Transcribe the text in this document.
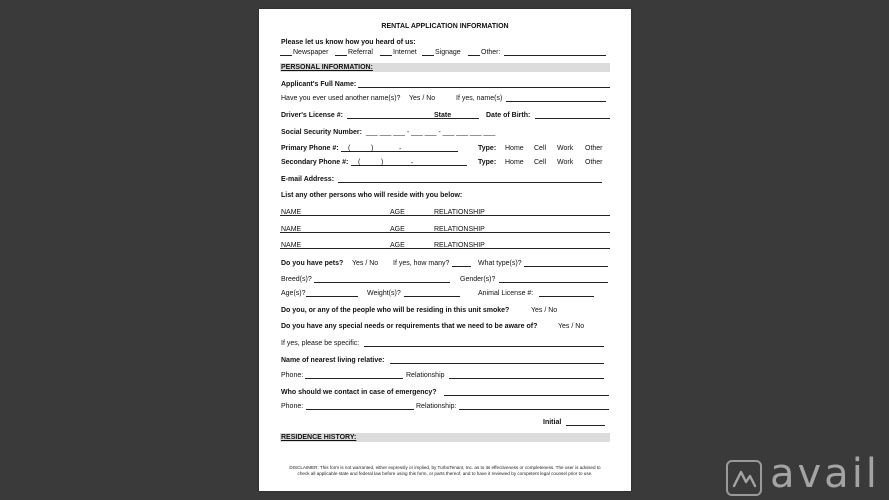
RENTAL APPLICATION INFORMATION
Please let us know how you heard of us:
Newspaper	Referral	Internet	Signage	Other:
PERSONAL INFORMATION:
Applicant's Full Name:
Have you ever used another name(s)? Yes / No	If yes, name(s)
Driver's License #:	State	Date of Birth:
Social Security Number: ___ ___ ___ - ___ ___ - ___ ___ ___ ___
Primary Phone #: (	)	-	Type: Home Cell Work Other
Secondary Phone #: (	)	-	Type: Home Cell Work Other
E-mail Address:
List any other persons who will reside with you below:
NAME	AGE	RELATIONSHIP
NAME	AGE	RELATIONSHIP
NAME	AGE	RELATIONSHIP
Do you have pets? Yes / No If yes, how many?	What type(s)?
Breed(s)?	Gender(s)?
Age(s)?	Weight(s)?	Animal License #:
Do you, or any of the people who will be residing in this unit smoke?	Yes / No
Do you have any special needs or requirements that we need to be aware of?	Yes / No
If yes, please be specific:
Name of nearest living relative:
Phone:	Relationship
Who should we contact in case of emergency?
Phone:	Relationship:
Initial
RESIDENCE HISTORY:
DISCLAIMER: This form is not warranted, either expressly or implied, by TurboTenant, Inc. as to its effectiveness or completeness. The user is advised to check all applicable state and federal law before using this form, or parts thereof, and to have it reviewed by competent legal counsel prior to use.	avail
